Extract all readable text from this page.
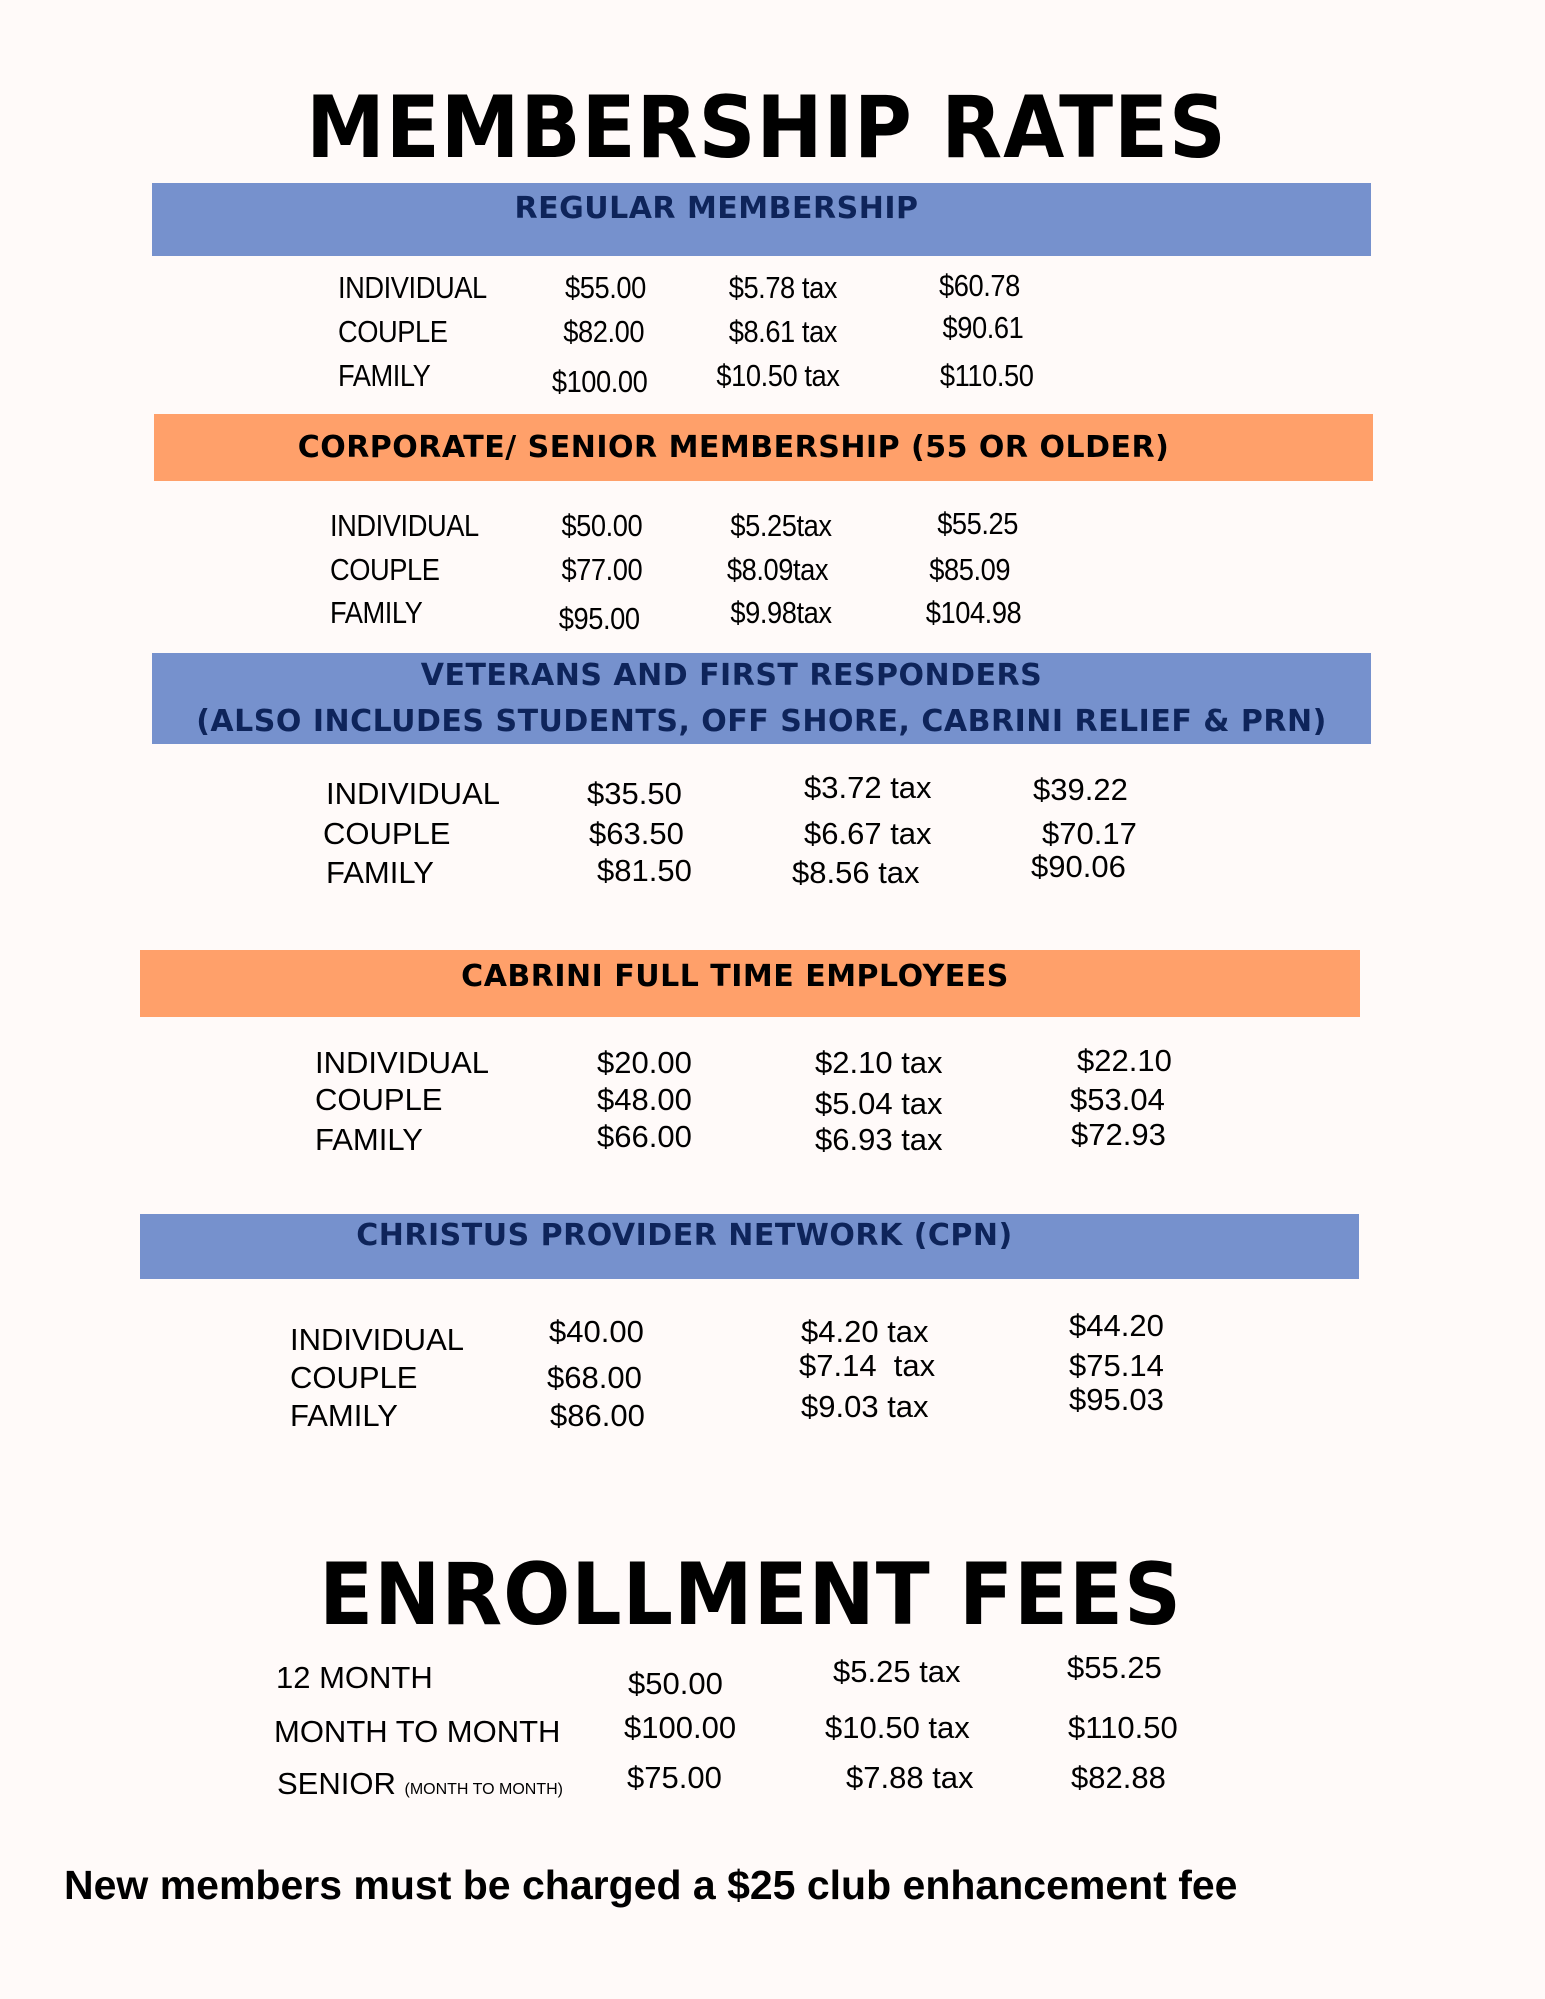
MEMBERSHIP RATES
REGULAR MEMBERSHIP
INDIVIDUAL	$55.00	$5.78 tax	$60.78
COUPLE	$82.00	$8.61 tax	$90.61
FAMILY	$100.00 $10.50 tax	$110.50
CORPORATE/ SENIOR MEMBERSHIP (55 OR OLDER)
INDIVIDUAL	$50.00	$5.25tax	$55.25
COUPLE	$77.00	$8.09tax	$85.09
FAMILY	$95.00	$9.98tax	$104.98
VETERANS AND FIRST RESPONDERS
(ALSO INCLUDES STUDENTS, OFF SHORE, CABRINI RELIEF & PRN)
INDIVIDUAL	$35.50	$3.72 tax	$39.22
COUPLE	$63.50	$6.67 tax	$70.17
FAMILY	$81.50	$8.56 tax	$90.06
CABRINI FULL TIME EMPLOYEES
INDIVIDUAL	$20.00	$2.10 tax	$22.10
COUPLE	$48.00	$5.04 tax	$53.04
FAMILY	$66.00	$6.93 tax	$72.93
CHRISTUS PROVIDER NETWORK (CPN)
INDIVIDUAL	$40.00	$4.20 tax	$44.20
COUPLE	$68.00	$7.14  tax	$75.14
FAMILY	$86.00	$9.03 tax	$95.03
ENROLLMENT FEES
12 MONTH	$50.00	$5.25 tax	$55.25
MONTH TO MONTH $100.00	$10.50 tax	$110.50
SENIOR (MONTH TO MONTH) $75.00	$7.88 tax	$82.88
New members must be charged a $25 club enhancement fee
